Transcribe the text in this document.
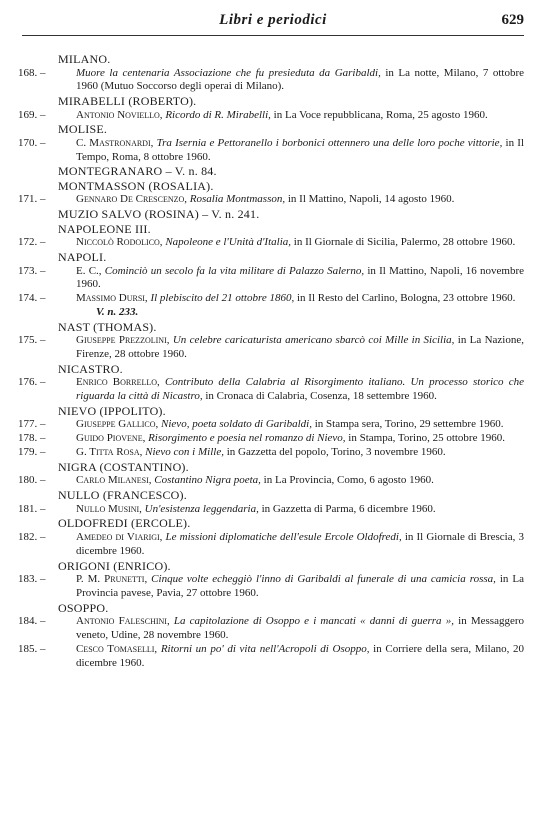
Libri e periodici	629
MILANO.
168. –	Muore la centenaria Associazione che fu presieduta da Garibaldi, in La notte, Milano, 7 ottobre 1960 (Mutuo Soccorso degli operai di Milano).
MIRABELLI (ROBERTO).
169. –	Antonio Noviello, Ricordo di R. Mirabelli, in La Voce repubblicana, Roma, 25 agosto 1960.
MOLISE.
170. –	C. Mastronardi, Tra Isernia e Pettoranello i borbonici ottennero una delle loro poche vittorie, in Il Tempo, Roma, 8 ottobre 1960.
MONTEGRANARO – V. n. 84.
MONTMASSON (ROSALIA).
171. –	Gennaro De Crescenzo, Rosalia Montmasson, in Il Mattino, Napoli, 14 agosto 1960.
MUZIO SALVO (ROSINA) – V. n. 241.
NAPOLEONE III.
172. –	Niccolò Rodolico, Napoleone e l'Unità d'Italia, in Il Giornale di Sicilia, Palermo, 28 ottobre 1960.
NAPOLI.
173. –	E. C., Cominciò un secolo fa la vita militare di Palazzo Salerno, in Il Mattino, Napoli, 16 novembre 1960.
174. –	Massimo Dursi, Il plebiscito del 21 ottobre 1860, in Il Resto del Carlino, Bologna, 23 ottobre 1960.
V. n. 233.
NAST (THOMAS).
175. –	Giuseppe Prezzolini, Un celebre caricaturista americano sbarcò coi Mille in Sicilia, in La Nazione, Firenze, 28 ottobre 1960.
NICASTRO.
176. –	Enrico Borrello, Contributo della Calabria al Risorgimento italiano. Un processo storico che riguarda la città di Nicastro, in Cronaca di Calabria, Cosenza, 18 settembre 1960.
NIEVO (IPPOLITO).
177. –	Giuseppe Gallico, Nievo, poeta soldato di Garibaldi, in Stampa sera, Torino, 29 settembre 1960.
178. –	Guido Piovene, Risorgimento e poesia nel romanzo di Nievo, in Stampa, Torino, 25 ottobre 1960.
179. –	G. Titta Rosa, Nievo con i Mille, in Gazzetta del popolo, Torino, 3 novembre 1960.
NIGRA (COSTANTINO).
180. –	Carlo Milanesi, Costantino Nigra poeta, in La Provincia, Como, 6 agosto 1960.
NULLO (FRANCESCO).
181. –	Nullo Musini, Un'esistenza leggendaria, in Gazzetta di Parma, 6 dicembre 1960.
OLDOFREDI (ERCOLE).
182. –	Amedeo di Viarigi, Le missioni diplomatiche dell'esule Ercole Oldofredi, in Il Giornale di Brescia, 3 dicembre 1960.
ORIGONI (ENRICO).
183. –	P. M. Prunetti, Cinque volte echeggiò l'inno di Garibaldi al funerale di una camicia rossa, in La Provincia pavese, Pavia, 27 ottobre 1960.
OSOPPO.
184. –	Antonio Faleschini, La capitolazione di Osoppo e i mancati « danni di guerra », in Messaggero veneto, Udine, 28 novembre 1960.
185. –	Cesco Tomaselli, Ritorni un po' di vita nell'Acropoli di Osoppo, in Corriere della sera, Milano, 20 dicembre 1960.
